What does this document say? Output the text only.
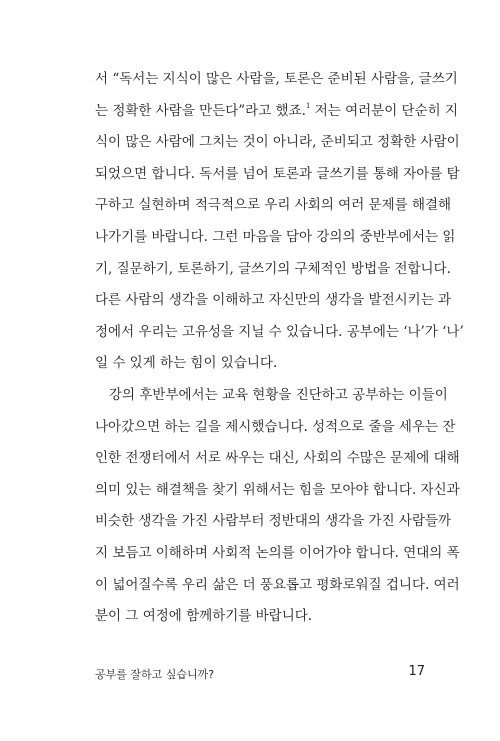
서 “독서는 지식이 많은 사람을, 토론은 준비된 사람을, 글쓰기
는 정확한 사람을 만든다”라고 했죠.$^1$ 저는 여러분이 단순히 지
식이 많은 사람에 그치는 것이 아니라, 준비되고 정확한 사람이
되었으면 합니다. 독서를 넘어 토론과 글쓰기를 통해 자아를 탐
구하고 실현하며 적극적으로 우리 사회의 여러 문제를 해결해
나가기를 바랍니다. 그런 마음을 담아 강의의 중반부에서는 읽
기, 질문하기, 토론하기, 글쓰기의 구체적인 방법을 전합니다.
다른 사람의 생각을 이해하고 자신만의 생각을 발전시키는 과
정에서 우리는 고유성을 지닐 수 있습니다. 공부에는 ‘나’가 ‘나’
일 수 있게 하는 힘이 있습니다.
강의 후반부에서는 교육 현황을 진단하고 공부하는 이들이
나아갔으면 하는 길을 제시했습니다. 성적으로 줄을 세우는 잔
인한 전쟁터에서 서로 싸우는 대신, 사회의 수많은 문제에 대해
의미 있는 해결책을 찾기 위해서는 힘을 모아야 합니다. 자신과
비슷한 생각을 가진 사람부터 정반대의 생각을 가진 사람들까
지 보듬고 이해하며 사회적 논의를 이어가야 합니다. 연대의 폭
이 넓어질수록 우리 삶은 더 풍요롭고 평화로워질 겁니다. 여러
분이 그 여정에 함께하기를 바랍니다.
공부를 잘하고 싶습니까?	17
